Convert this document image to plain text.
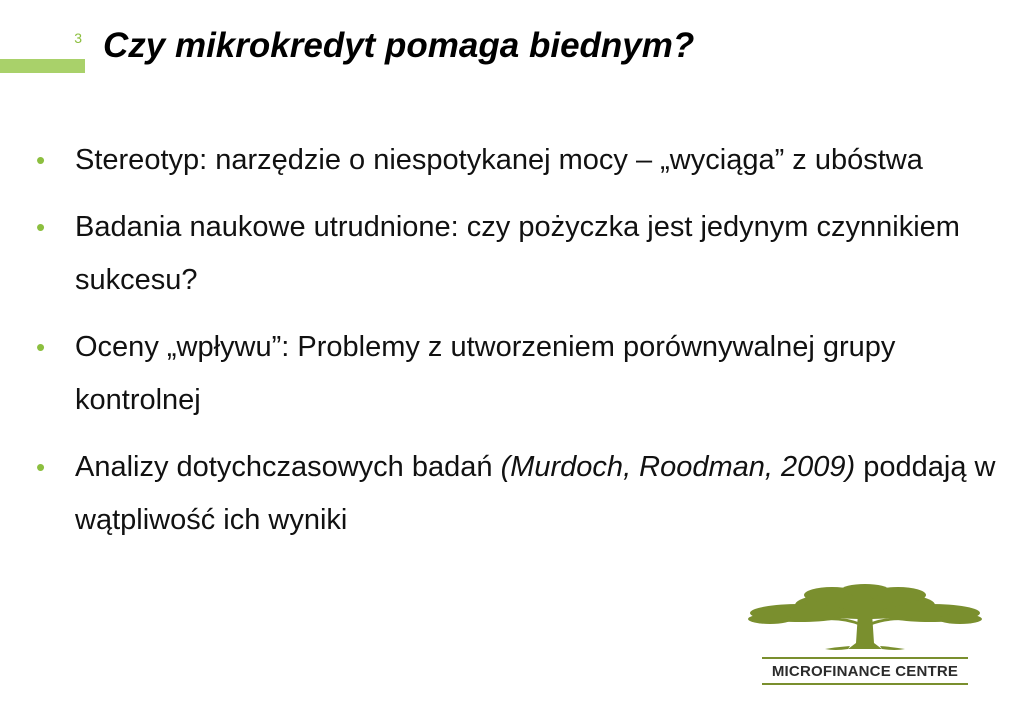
3 Czy mikrokredyt pomaga biednym?
• Stereotyp: narzędzie o niespotykanej mocy – „wyciąga” z ubóstwa
• Badania naukowe utrudnione: czy pożyczka jest jedynym czynnikiem sukcesu?
• Oceny „wpływu”: Problemy z utworzeniem porównywalnej grupy kontrolnej
• Analizy dotychczasowych badań (Murdoch, Roodman, 2009) poddają w wątpliwość ich wyniki
MICROFINANCE CENTRE
